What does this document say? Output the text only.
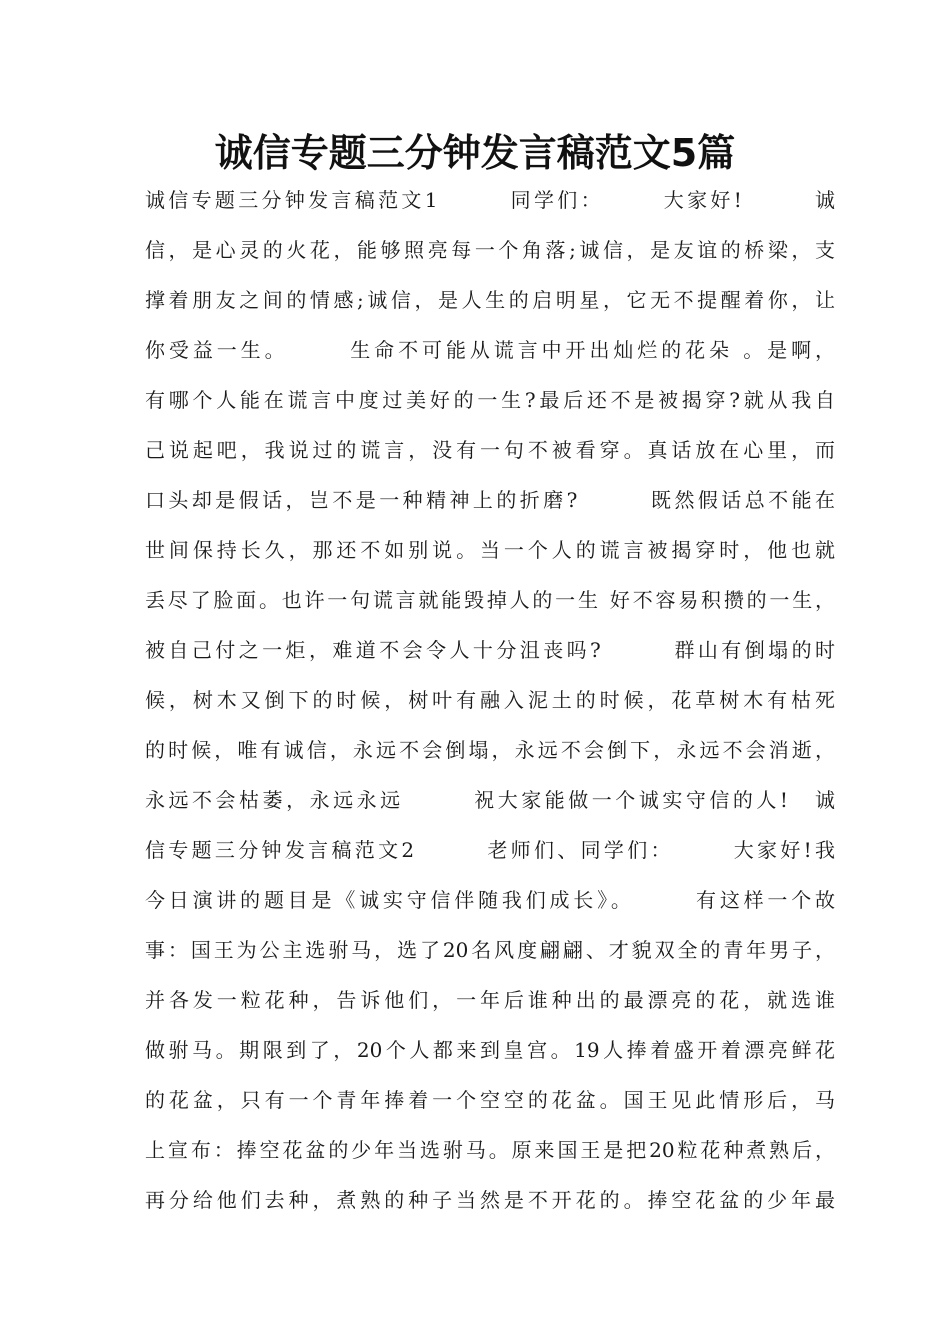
诚信专题三分钟发言稿范文5篇
诚信专题三分钟发言稿范文1　　　同学们：　　　大家好!　　　诚
信，是心灵的火花，能够照亮每一个角落;诚信，是友谊的桥梁，支
撑着朋友之间的情感;诚信，是人生的启明星，它无不提醒着你，让
你受益一生。　　　生命不可能从谎言中开出灿烂的花朵 。是啊，
有哪个人能在谎言中度过美好的一生?最后还不是被揭穿?就从我自
己说起吧，我说过的谎言，没有一句不被看穿。真话放在心里，而
口头却是假话，岂不是一种精神上的折磨?　　　既然假话总不能在
世间保持长久，那还不如别说。当一个人的谎言被揭穿时，他也就
丢尽了脸面。也许一句谎言就能毁掉人的一生 好不容易积攒的一生，
被自己付之一炬，难道不会令人十分沮丧吗?　　　群山有倒塌的时
候，树木又倒下的时候，树叶有融入泥土的时候，花草树木有枯死
的时候，唯有诚信，永远不会倒塌，永远不会倒下，永远不会消逝，
永远不会枯萎，永远永远　　　祝大家能做一个诚实守信的人!　诚
信专题三分钟发言稿范文2　　　老师们、同学们：　　　大家好!我
今日演讲的题目是《诚实守信伴随我们成长》。　　　有这样一个故
事：国王为公主选驸马，选了20名风度翩翩、才貌双全的青年男子，
并各发一粒花种，告诉他们，一年后谁种出的最漂亮的花，就选谁
做驸马。期限到了，20个人都来到皇宫。19人捧着盛开着漂亮鲜花
的花盆，只有一个青年捧着一个空空的花盆。国王见此情形后，马
上宣布：捧空花盆的少年当选驸马。原来国王是把20粒花种煮熟后，
再分给他们去种，煮熟的种子当然是不开花的。捧空花盆的少年最
